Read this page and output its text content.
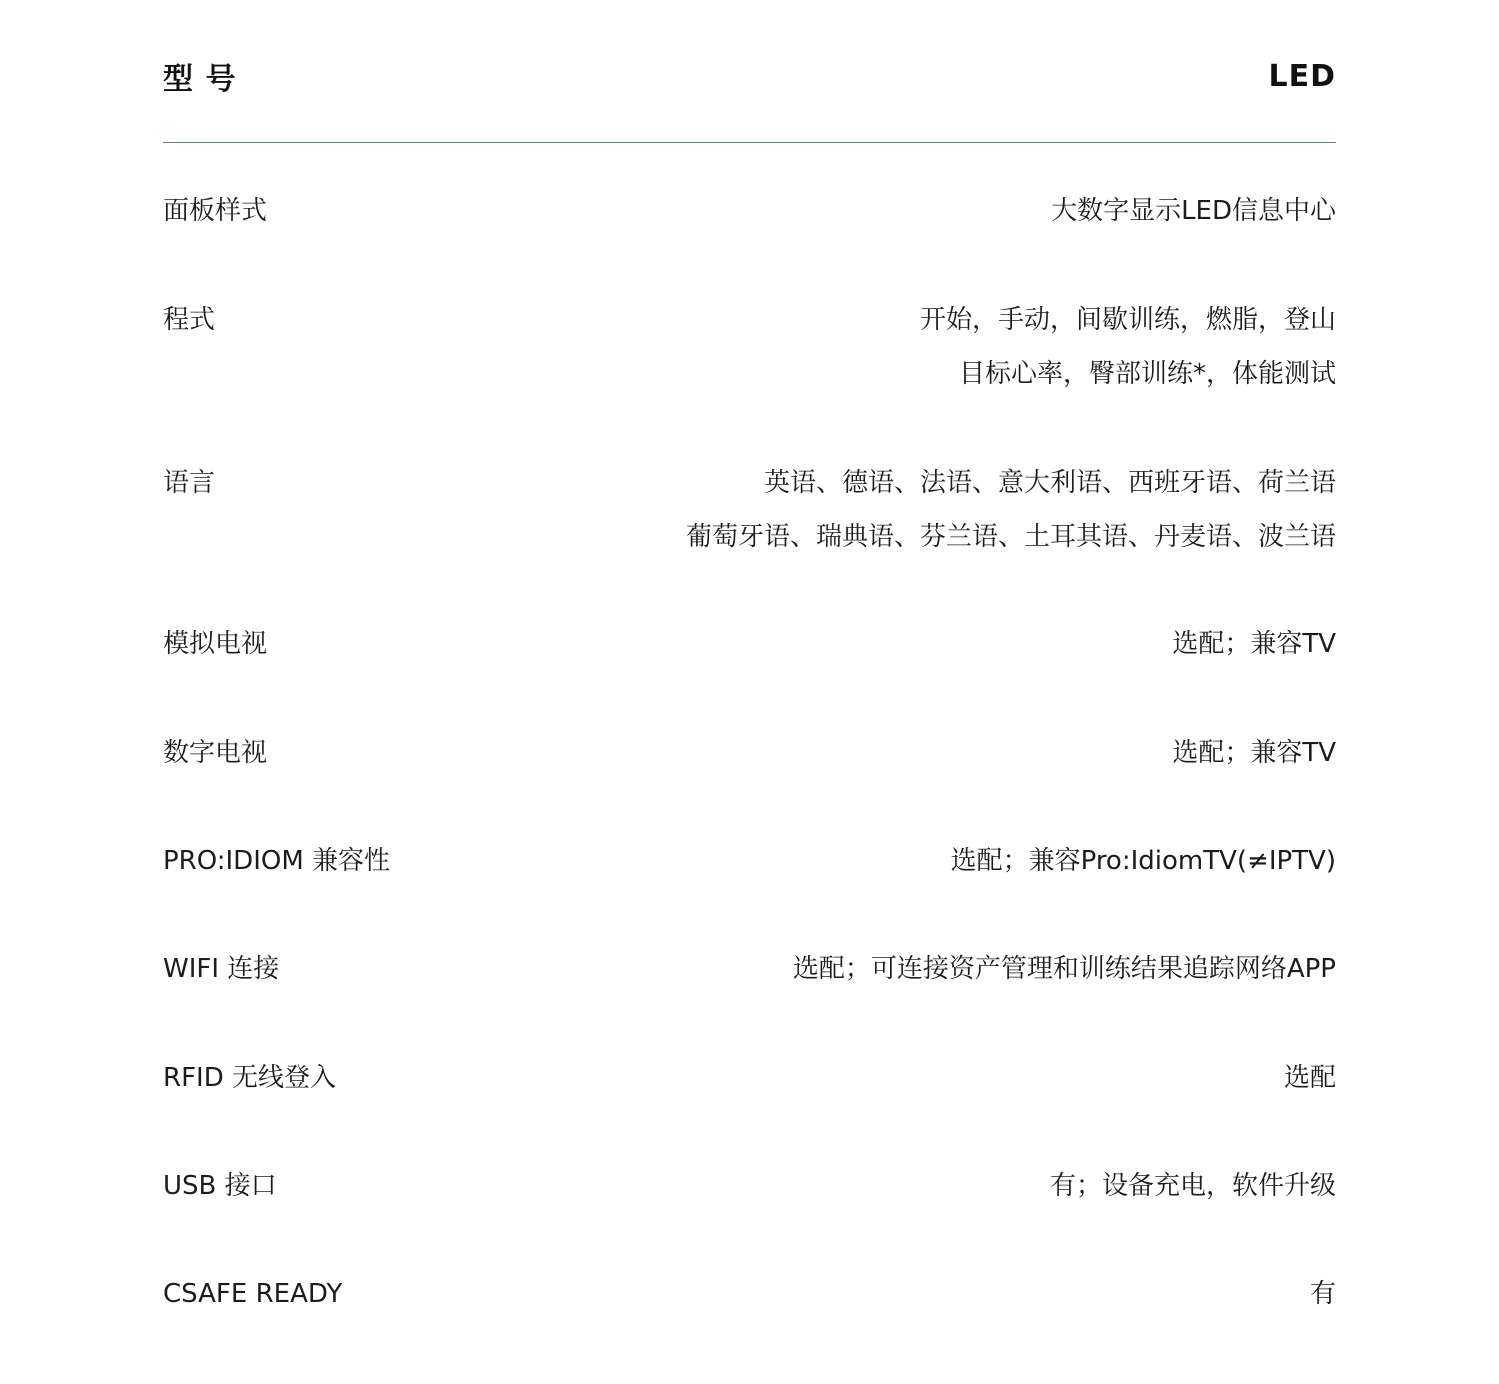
型 号	LED
面板样式	大数字显示LED信息中心
程式	开始，手动，间歇训练，燃脂，登山
目标心率，臀部训练*，体能测试
语言	英语、德语、法语、意大利语、西班牙语、荷兰语
葡萄牙语、瑞典语、芬兰语、土耳其语、丹麦语、波兰语
模拟电视	选配；兼容TV
数字电视	选配；兼容TV
PRO:IDIOM 兼容性	选配；兼容Pro:IdiomTV(≠IPTV)
WIFI 连接	选配；可连接资产管理和训练结果追踪网络APP
RFID 无线登入	选配
USB 接口	有；设备充电，软件升级
CSAFE READY	有
